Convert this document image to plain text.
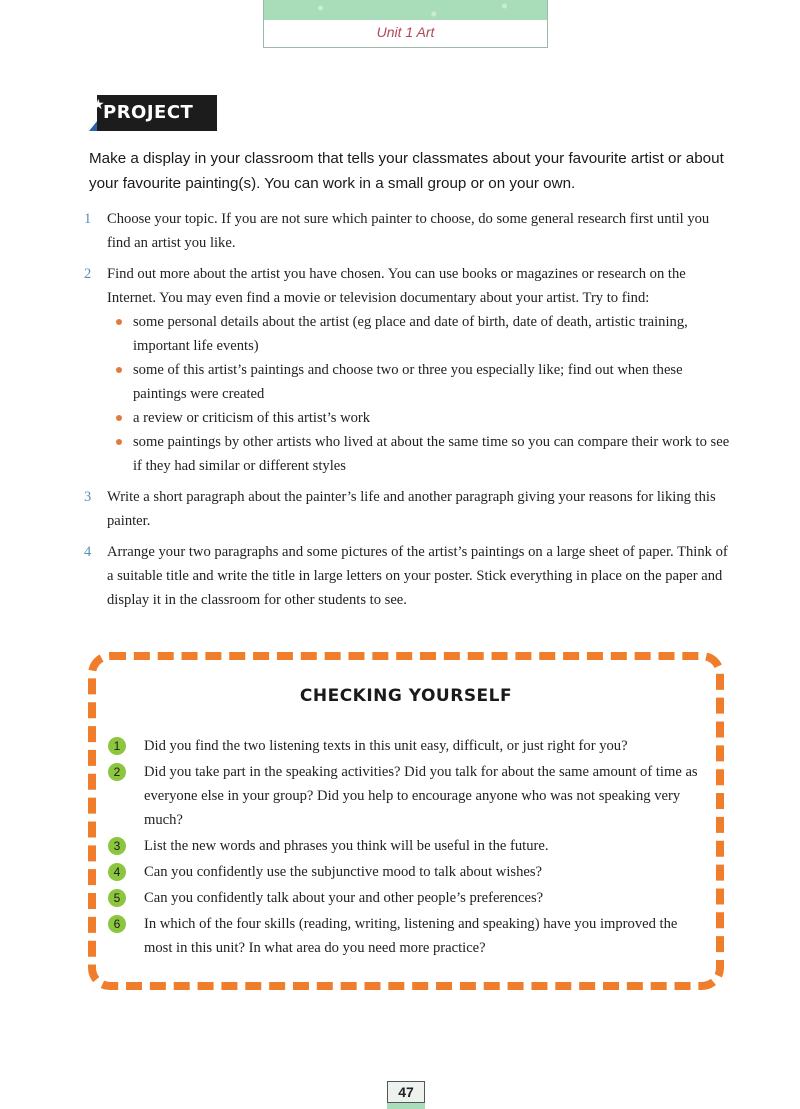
Unit 1 Art
★
PROJECT
Make a display in your classroom that tells your classmates about your favourite artist or about your favourite painting(s). You can work in a small group or on your own.
1 Choose your topic. If you are not sure which painter to choose, do some general research first until you find an artist you like.
2 Find out more about the artist you have chosen. You can use books or magazines or research on the Internet. You may even find a movie or television documentary about your artist. Try to find:
some personal details about the artist (eg place and date of birth, date of death, artistic training, important life events)
some of this artist’s paintings and choose two or three you especially like; find out when these paintings were created
a review or criticism of this artist’s work
some paintings by other artists who lived at about the same time so you can compare their work to see if they had similar or different styles
3 Write a short paragraph about the painter’s life and another paragraph giving your reasons for liking this painter.
4 Arrange your two paragraphs and some pictures of the artist’s paintings on a large sheet of paper. Think of a suitable title and write the title in large letters on your poster. Stick everything in place on the paper and display it in the classroom for other students to see.
CHECKING YOURSELF
1	Did you find the two listening texts in this unit easy, difficult, or just right for you?
2	Did you take part in the speaking activities? Did you talk for about the same amount of time as everyone else in your group? Did you help to encourage anyone who was not speaking very much?
3	List the new words and phrases you think will be useful in the future.
4	Can you confidently use the subjunctive mood to talk about wishes?
5	Can you confidently talk about your and other people’s preferences?
6	In which of the four skills (reading, writing, listening and speaking) have you improved the most in this unit? In what area do you need more practice?
47
